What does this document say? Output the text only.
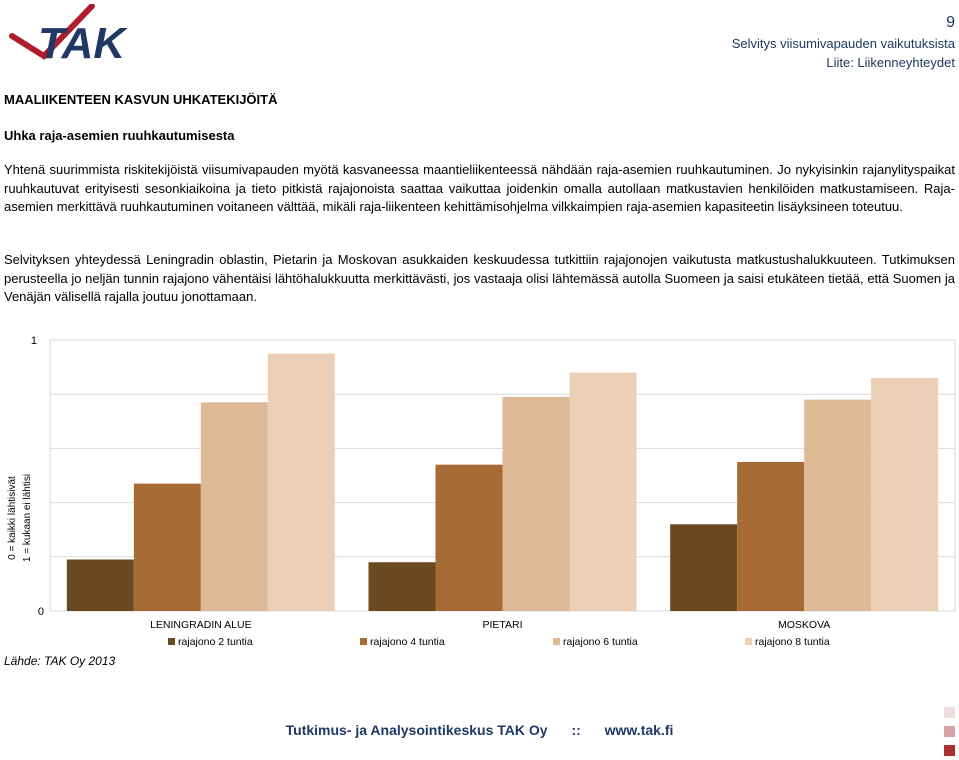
TAK	9
Selvitys viisumivapauden vaikutuksista
Liite: Liikenneyhteydet
MAALIIKENTEEN KASVUN UHKATEKIJÖITÄ
Uhka raja-asemien ruuhkautumisesta

Yhtenä suurimmista riskitekijöistä viisumivapauden myötä kasvaneessa maantieliikenteessä nähdään raja-asemien ruuhkautuminen. Jo nykyisinkin rajanylityspaikat ruuhkautuvat erityisesti sesonkiaikoina ja tieto pitkistä rajajonoista saattaa vaikuttaa joidenkin omalla autollaan matkustavien henkilöiden matkustamiseen. Raja-asemien merkittävä ruuhkautuminen voitaneen välttää, mikäli raja-liikenteen kehittämisohjelma vilkkaimpien raja-asemien kapasiteetin lisäyksineen toteutuu.

Selvityksen yhteydessä Leningradin oblastin, Pietarin ja Moskovan asukkaiden keskuudessa tutkittiin rajajonojen vaikutusta matkustushalukkuuteen. Tutkimuksen perusteella jo neljän tunnin rajajono vähentäisi lähtöhalukkuutta merkittävästi, jos vastaaja olisi lähtemässä autolla Suomeen ja saisi etukäteen tietää, että Suomen ja Venäjän välisellä rajalla joutuu jonottamaan.

0
1
0 = kaikki lähtisivät 1 = kukaan ei lähtisi
LENINGRADIN ALUE	PIETARI	MOSKOVA
rajajono 2 tuntia	rajajono 4 tuntia	rajajono 6 tuntia	rajajono 8 tuntia
Lähde: TAK Oy 2013
Tutkimus- ja Analysointikeskus TAK Oy :: www.tak.fi
